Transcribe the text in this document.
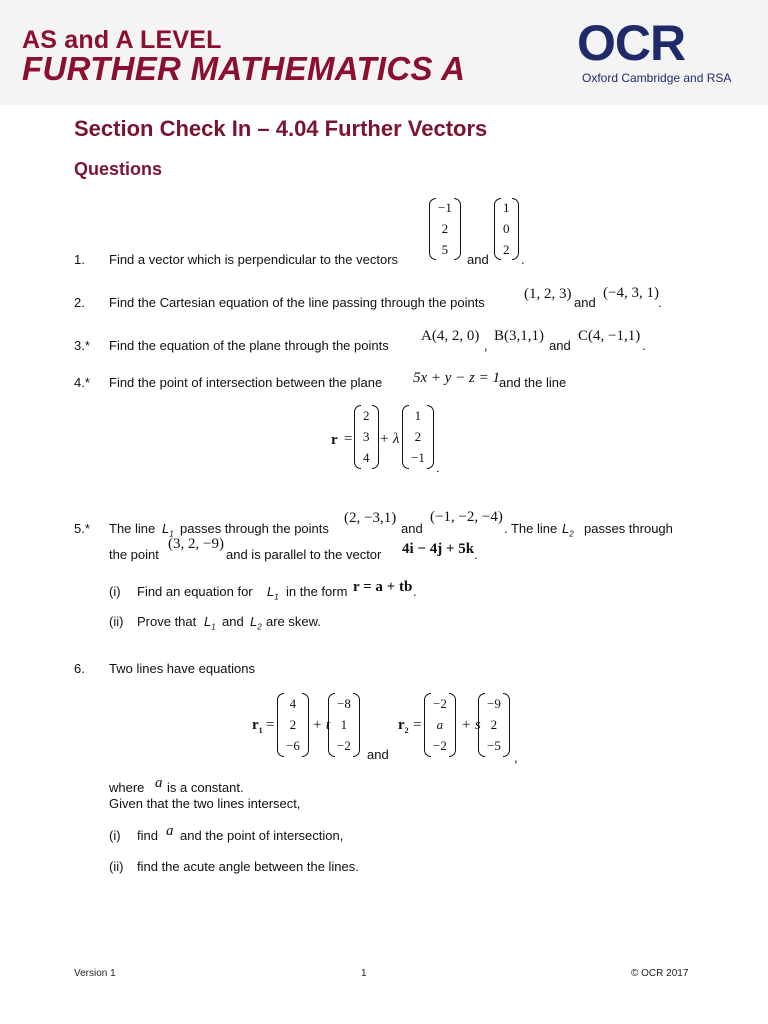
AS and A LEVEL
FURTHER MATHEMATICS A OCR
Oxford Cambridge and RSA
Section Check In – 4.04 Further Vectors
Questions
1. Find a vector which is perpendicular to the vectors
−1
2
5
and
1
0
2
.
2. Find the Cartesian equation of the line passing through the points
(1, 2, 3)
and
(−4, 3, 1)
.
3.* Find the equation of the plane through the points
A(4, 2, 0)
,
B(3,1,1)
and
C(4, −1,1)
.
4.* Find the point of intersection between the plane 5x + y − z = 1
and the line
r =
2
3
4
+ λ
1
2
−1
.
5.* The line $L_1$ passes through the points
(2, −3,1)
and
(−1, −2, −4)
. The line $L_2$ passes through
the point
(3, 2, −9)
and is parallel to the vector 4i − 4j + 5k .
(i) Find an equation for $L_1$ in the form r = a + tb .
(ii) Prove that $L_1$ and $L_2$ are skew.
6. Two lines have equations
$r_1$ =
4
2
−6
+ t
−8
1
−2
and
$r_2$ =
−2
a
−2
+ s
−9
2
−5
,
where a is a constant.
Given that the two lines intersect,
(i) find a and the point of intersection,
(ii) find the acute angle between the lines.
Version 1	1	© OCR 2017
